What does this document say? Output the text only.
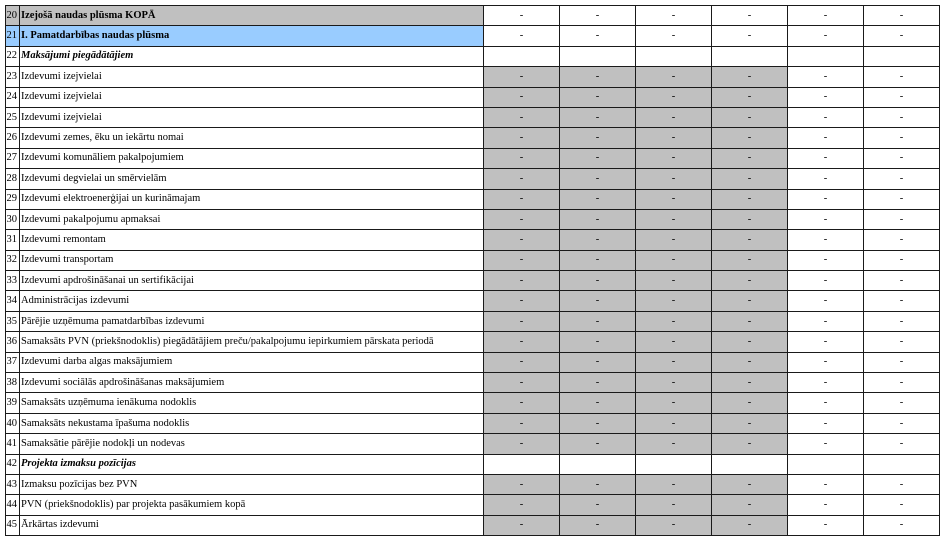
20	Izejošā naudas plūsma KOPĀ	-	-	-	-	-	-
21	I. Pamatdarbības naudas plūsma	-	-	-	-	-	-
22	Maksājumi piegādātājiem						
23	Izdevumi izejvielai	-	-	-	-	-	-
24	Izdevumi izejvielai	-	-	-	-	-	-
25	Izdevumi izejvielai	-	-	-	-	-	-
26	Izdevumi zemes, ēku un iekārtu nomai	-	-	-	-	-	-
27	Izdevumi komunāliem pakalpojumiem	-	-	-	-	-	-
28	Izdevumi degvielai un smērvielām	-	-	-	-	-	-
29	Izdevumi elektroenerģijai un kurināmajam	-	-	-	-	-	-
30	Izdevumi pakalpojumu apmaksai	-	-	-	-	-	-
31	Izdevumi remontam	-	-	-	-	-	-
32	Izdevumi transportam	-	-	-	-	-	-
33	Izdevumi apdrošināšanai un sertifikācijai	-	-	-	-	-	-
34	Administrācijas izdevumi	-	-	-	-	-	-
35	Pārējie uzņēmuma pamatdarbības izdevumi	-	-	-	-	-	-
36	Samaksāts PVN (priekšnodoklis) piegādātājiem preču/pakalpojumu iepirkumiem pārskata periodā	-	-	-	-	-	-
37	Izdevumi darba algas maksājumiem	-	-	-	-	-	-
38	Izdevumi sociālās apdrošināšanas maksājumiem	-	-	-	-	-	-
39	Samaksāts uzņēmuma ienākuma nodoklis	-	-	-	-	-	-
40	Samaksāts nekustama īpašuma nodoklis	-	-	-	-	-	-
41	Samaksātie pārējie nodokļi un nodevas	-	-	-	-	-	-
42	Projekta izmaksu pozīcijas						
43	Izmaksu pozīcijas bez PVN	-	-	-	-	-	-
44	PVN (priekšnodoklis) par projekta pasākumiem kopā	-	-	-	-	-	-
45	Ārkārtas izdevumi	-	-	-	-	-	-
